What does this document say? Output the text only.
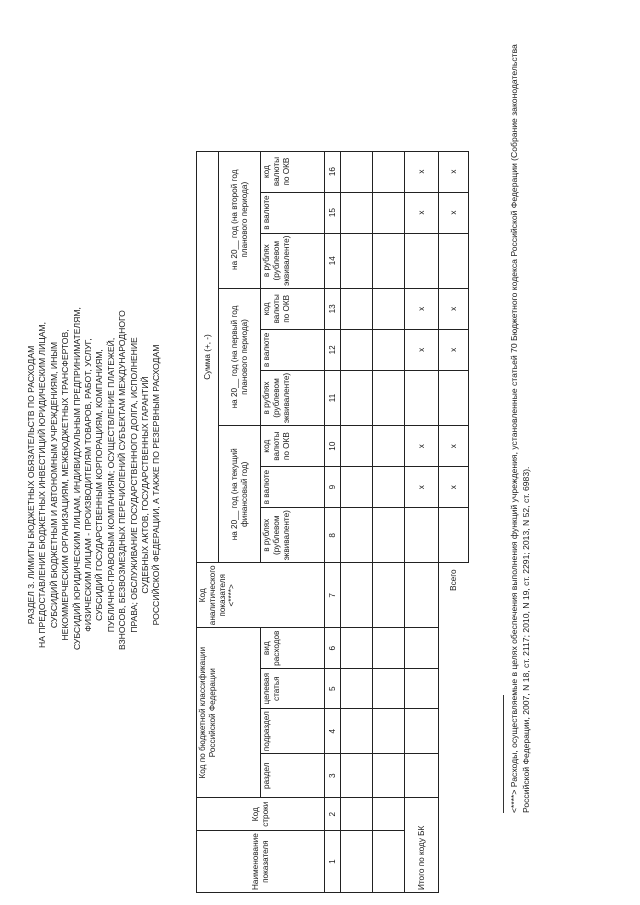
РАЗДЕЛ 3. ЛИМИТЫ БЮДЖЕТНЫХ ОБЯЗАТЕЛЬСТВ ПО РАСХОДАМ НА ПРЕДОСТАВЛЕНИЕ БЮДЖЕТНЫХ ИНВЕСТИЦИЙ ЮРИДИЧЕСКИМ ЛИЦАМ, СУБСИДИЙ БЮДЖЕТНЫМ И АВТОНОМНЫМ УЧРЕЖДЕНИЯМ, ИНЫМ НЕКОММЕРЧЕСКИМ ОРГАНИЗАЦИЯМ, МЕЖБЮДЖЕТНЫХ ТРАНСФЕРТОВ, СУБСИДИЙ ЮРИДИЧЕСКИМ ЛИЦАМ, ИНДИВИДУАЛЬНЫМ ПРЕДПРИНИМАТЕЛЯМ, ФИЗИЧЕСКИМ ЛИЦАМ - ПРОИЗВОДИТЕЛЯМ ТОВАРОВ, РАБОТ, УСЛУГ, СУБСИДИЙ ГОСУДАРСТВЕННЫМ КОРПОРАЦИЯМ, КОМПАНИЯМ, ПУБЛИЧНО-ПРАВОВЫМ КОМПАНИЯМ; ОСУЩЕСТВЛЕНИЕ ПЛАТЕЖЕЙ, ВЗНОСОВ, БЕЗВОЗМЕЗДНЫХ ПЕРЕЧИСЛЕНИЙ СУБЪЕКТАМ МЕЖДУНАРОДНОГО ПРАВА; ОБСЛУЖИВАНИЕ ГОСУДАРСТВЕННОГО ДОЛГА, ИСПОЛНЕНИЕ СУДЕБНЫХ АКТОВ, ГОСУДАРСТВЕННЫХ ГАРАНТИЙ РОССИЙСКОЙ ФЕДЕРАЦИИ, А ТАКЖЕ ПО РЕЗЕРВНЫМ РАСХОДАМ
Наименование показателя	Код строки	Код по бюджетной классификации Российской Федерации				Код аналитического показателя <****>	Сумма (+, -)								
							на 20__ год (на текущий финансовый год)			на 20__ год (на первый год планового периода)			на 20__ год (на второй год планового периода)		
		раздел	подраздел	целевая статья	вид расходов		в рублях (рублевом эквиваленте)	в валюте	код валюты по ОКВ	в рублях (рублевом эквиваленте)	в валюте	код валюты по ОКВ	в рублях (рублевом эквиваленте)	в валюте	код валюты по ОКВ
1	2	3	4	5	6	7	8	9	10	11	12	13	14	15	16

Итого по коду БК								x	x		x	x		x	x
Всего								x	x		x	x		x	x	<****> Расходы, осуществляемые в целях обеспечения выполнения функций учреждения, установленные статьей 70 Бюджетного кодекса Российской Федерации (Собрание законодательства Российской Федерации, 2007, N 18, ст. 2117; 2010, N 19, ст. 2291; 2013, N 52, ст. 6983).
